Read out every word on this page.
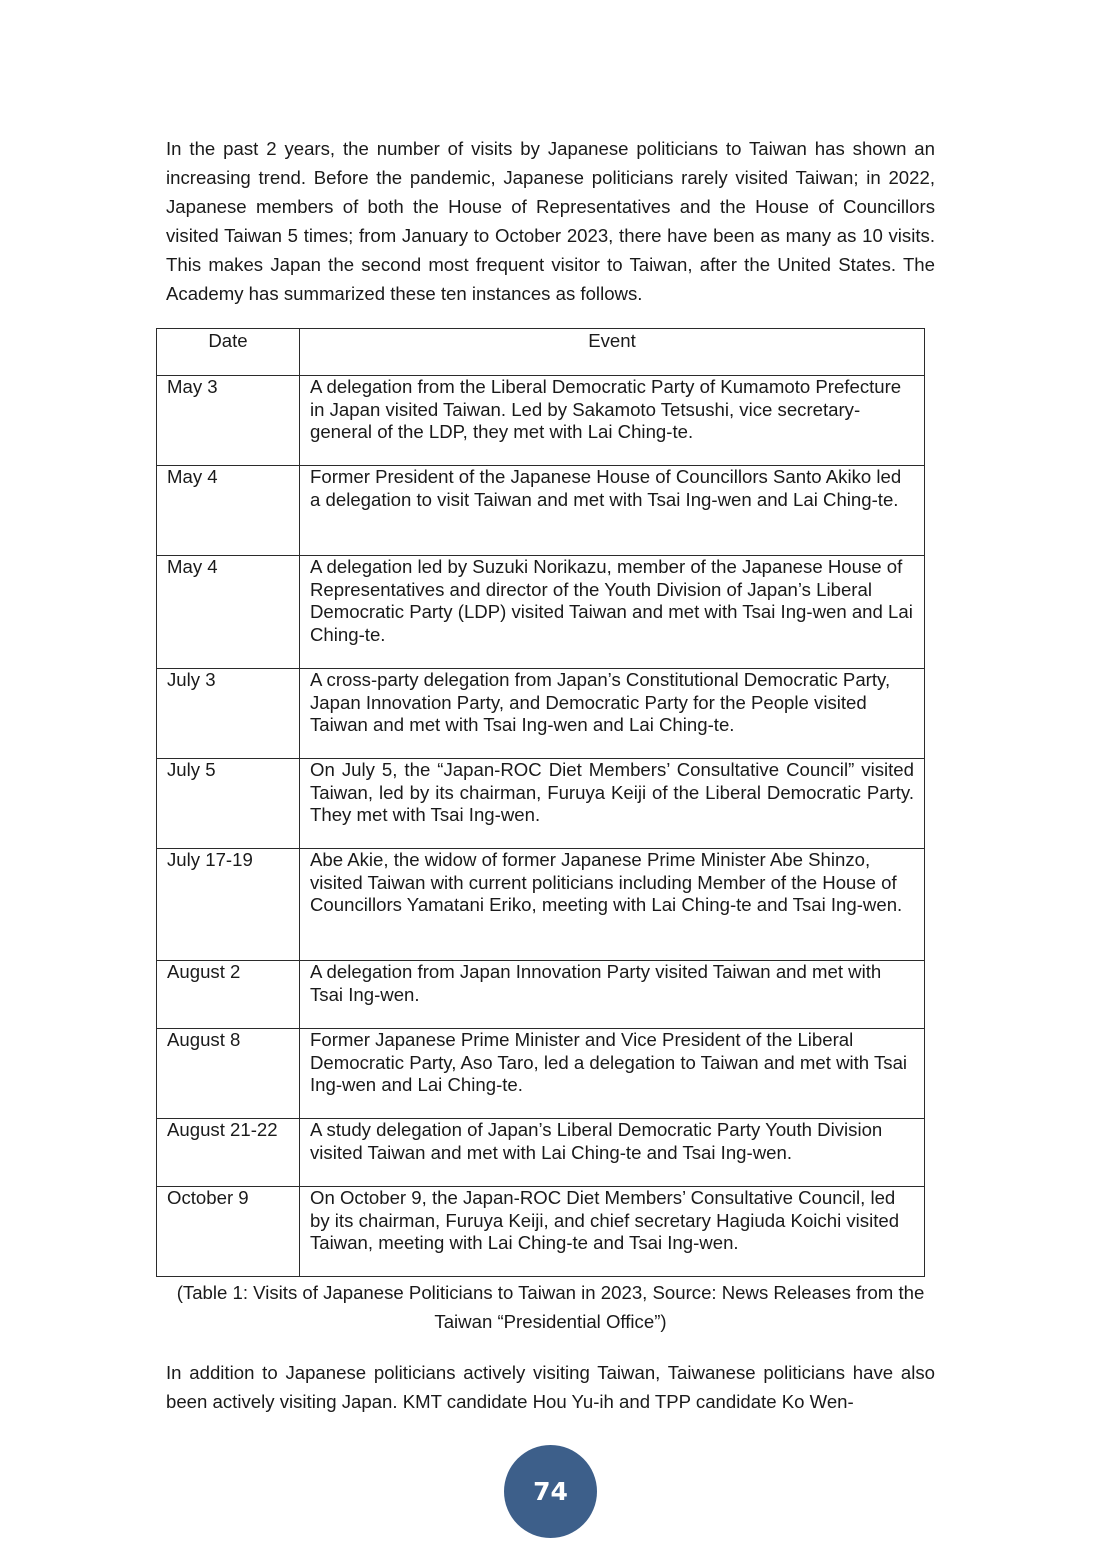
In the past 2 years, the number of visits by Japanese politicians to Taiwan has shown an increasing trend. Before the pandemic, Japanese politicians rarely visited Taiwan; in 2022, Japanese members of both the House of Representatives and the House of Councillors visited Taiwan 5 times; from January to October 2023, there have been as many as 10 visits. This makes Japan the second most frequent visitor to Taiwan, after the United States. The Academy has summarized these ten instances as follows.

Date	Event
May 3	A delegation from the Liberal Democratic Party of Kumamoto Prefecture in Japan visited Taiwan. Led by Sakamoto Tetsushi, vice secretary-general of the LDP, they met with Lai Ching-te.
May 4	Former President of the Japanese House of Councillors Santo Akiko led a delegation to visit Taiwan and met with Tsai Ing-wen and Lai Ching-te.
May 4	A delegation led by Suzuki Norikazu, member of the Japanese House of Representatives and director of the Youth Division of Japan’s Liberal Democratic Party (LDP) visited Taiwan and met with Tsai Ing-wen and Lai Ching-te.
July 3	A cross-party delegation from Japan’s Constitutional Democratic Party, Japan Innovation Party, and Democratic Party for the People visited Taiwan and met with Tsai Ing-wen and Lai Ching-te.
July 5	On July 5, the “Japan-ROC Diet Members’ Consultative Council” visited Taiwan, led by its chairman, Furuya Keiji of the Liberal Democratic Party. They met with Tsai Ing-wen.
July 17-19	Abe Akie, the widow of former Japanese Prime Minister Abe Shinzo, visited Taiwan with current politicians including Member of the House of Councillors Yamatani Eriko, meeting with Lai Ching-te and Tsai Ing-wen.
August 2	A delegation from Japan Innovation Party visited Taiwan and met with Tsai Ing-wen.
August 8	Former Japanese Prime Minister and Vice President of the Liberal Democratic Party, Aso Taro, led a delegation to Taiwan and met with Tsai Ing-wen and Lai Ching-te.
August 21-22	A study delegation of Japan’s Liberal Democratic Party Youth Division visited Taiwan and met with Lai Ching-te and Tsai Ing-wen.
October 9	On October 9, the Japan-ROC Diet Members’ Consultative Council, led by its chairman, Furuya Keiji, and chief secretary Hagiuda Koichi visited Taiwan, meeting with Lai Ching-te and Tsai Ing-wen.

(Table 1: Visits of Japanese Politicians to Taiwan in 2023, Source: News Releases from the Taiwan “Presidential Office”)

In addition to Japanese politicians actively visiting Taiwan, Taiwanese politicians have also been actively visiting Japan. KMT candidate Hou Yu-ih and TPP candidate Ko Wen-

74
